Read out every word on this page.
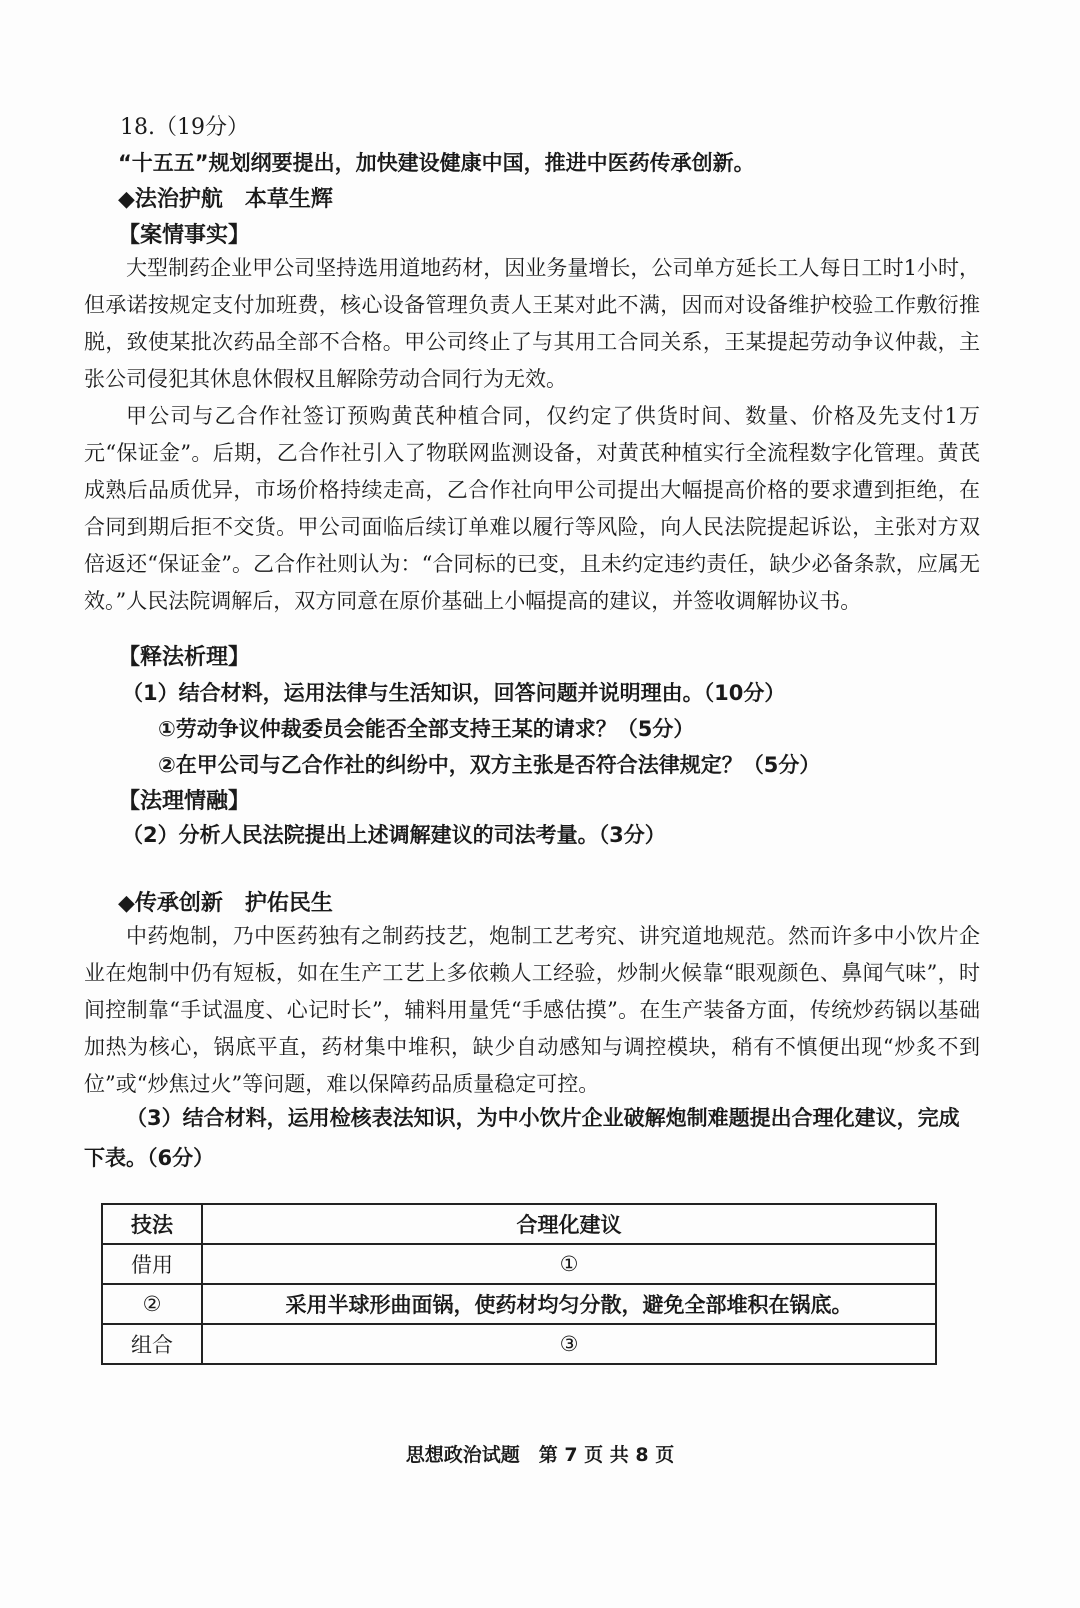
18.（19分）
“十五五”规划纲要提出，加快建设健康中国，推进中医药传承创新。
◆法治护航　本草生辉
【案情事实】
大型制药企业甲公司坚持选用道地药材，因业务量增长，公司单方延长工人每日工时1小时，但承诺按规定支付加班费，核心设备管理负责人王某对此不满，因而对设备维护校验工作敷衍推脱，致使某批次药品全部不合格。甲公司终止了与其用工合同关系，王某提起劳动争议仲裁，主张公司侵犯其休息休假权且解除劳动合同行为无效。
甲公司与乙合作社签订预购黄芪种植合同，仅约定了供货时间、数量、价格及先支付1万元“保证金”。后期，乙合作社引入了物联网监测设备，对黄芪种植实行全流程数字化管理。黄芪成熟后品质优异，市场价格持续走高，乙合作社向甲公司提出大幅提高价格的要求遭到拒绝，在合同到期后拒不交货。甲公司面临后续订单难以履行等风险，向人民法院提起诉讼，主张对方双倍返还“保证金”。乙合作社则认为：“合同标的已变，且未约定违约责任，缺少必备条款，应属无效。”人民法院调解后，双方同意在原价基础上小幅提高的建议，并签收调解协议书。
【释法析理】
（1）结合材料，运用法律与生活知识，回答问题并说明理由。（10分）
①劳动争议仲裁委员会能否全部支持王某的请求？（5分）
②在甲公司与乙合作社的纠纷中，双方主张是否符合法律规定？（5分）
【法理情融】
（2）分析人民法院提出上述调解建议的司法考量。（3分）
◆传承创新　护佑民生
中药炮制，乃中医药独有之制药技艺，炮制工艺考究、讲究道地规范。然而许多中小饮片企业在炮制中仍有短板，如在生产工艺上多依赖人工经验，炒制火候靠“眼观颜色、鼻闻气味”，时间控制靠“手试温度、心记时长”，辅料用量凭“手感估摸”。在生产装备方面，传统炒药锅以基础加热为核心，锅底平直，药材集中堆积，缺少自动感知与调控模块，稍有不慎便出现“炒炙不到位”或“炒焦过火”等问题，难以保障药品质量稳定可控。
（3）结合材料，运用检核表法知识，为中小饮片企业破解炮制难题提出合理化建议，完成下表。（6分）
技法	合理化建议
借用	①
②	采用半球形曲面锅，使药材均匀分散，避免全部堆积在锅底。
组合	③
思想政治试题　第 7 页 共 8 页
